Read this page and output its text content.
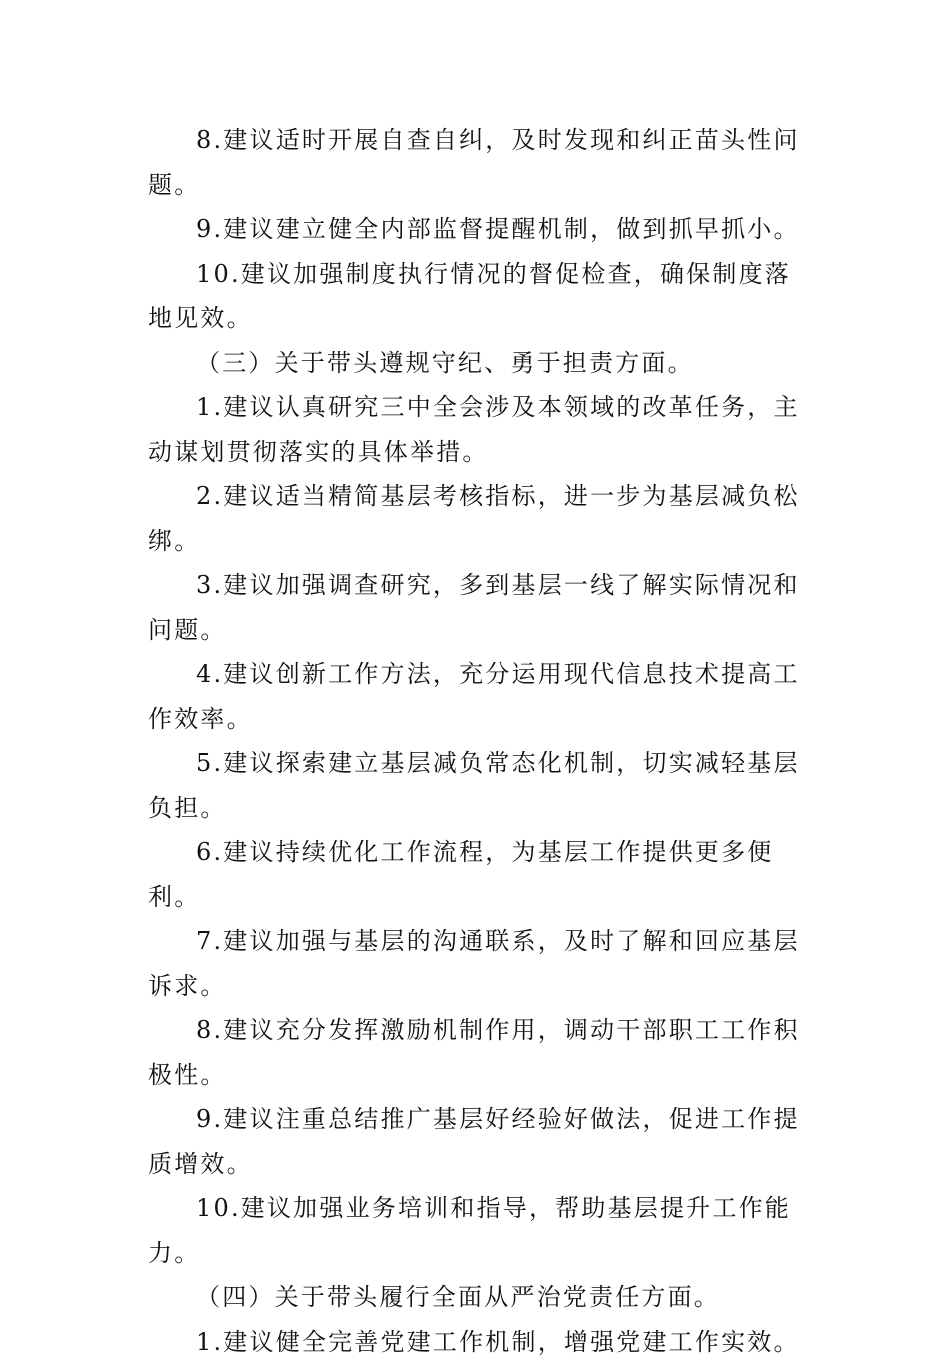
8.建议适时开展自查自纠，及时发现和纠正苗头性问题。

9.建议建立健全内部监督提醒机制，做到抓早抓小。

10.建议加强制度执行情况的督促检查，确保制度落地见效。

（三）关于带头遵规守纪、勇于担责方面。

1.建议认真研究三中全会涉及本领域的改革任务，主动谋划贯彻落实的具体举措。

2.建议适当精简基层考核指标，进一步为基层减负松绑。

3.建议加强调查研究，多到基层一线了解实际情况和问题。

4.建议创新工作方法，充分运用现代信息技术提高工作效率。

5.建议探索建立基层减负常态化机制，切实减轻基层负担。

6.建议持续优化工作流程，为基层工作提供更多便利。

7.建议加强与基层的沟通联系，及时了解和回应基层诉求。

8.建议充分发挥激励机制作用，调动干部职工工作积极性。

9.建议注重总结推广基层好经验好做法，促进工作提质增效。

10.建议加强业务培训和指导，帮助基层提升工作能力。

（四）关于带头履行全面从严治党责任方面。

1.建议健全完善党建工作机制，增强党建工作实效。
